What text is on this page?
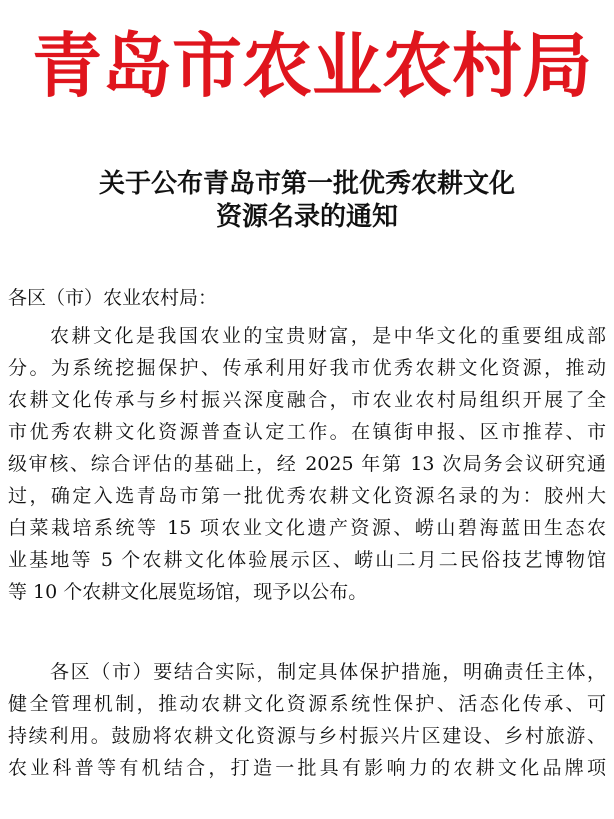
青岛市农业农村局
关于公布青岛市第一批优秀农耕文化
资源名录的通知
各区（市）农业农村局：
农耕文化是我国农业的宝贵财富，是中华文化的重要组成部
分。为系统挖掘保护、传承利用好我市优秀农耕文化资源，推动
农耕文化传承与乡村振兴深度融合，市农业农村局组织开展了全
市优秀农耕文化资源普查认定工作。在镇街申报、区市推荐、市
级审核、综合评估的基础上，经 2025 年第 13 次局务会议研究通
过，确定入选青岛市第一批优秀农耕文化资源名录的为：胶州大
白菜栽培系统等 15 项农业文化遗产资源、崂山碧海蓝田生态农
业基地等 5 个农耕文化体验展示区、崂山二月二民俗技艺博物馆
等 10 个农耕文化展览场馆，现予以公布。
各区（市）要结合实际，制定具体保护措施，明确责任主体，
健全管理机制，推动农耕文化资源系统性保护、活态化传承、可
持续利用。鼓励将农耕文化资源与乡村振兴片区建设、乡村旅游、
农业科普等有机结合，打造一批具有影响力的农耕文化品牌项
